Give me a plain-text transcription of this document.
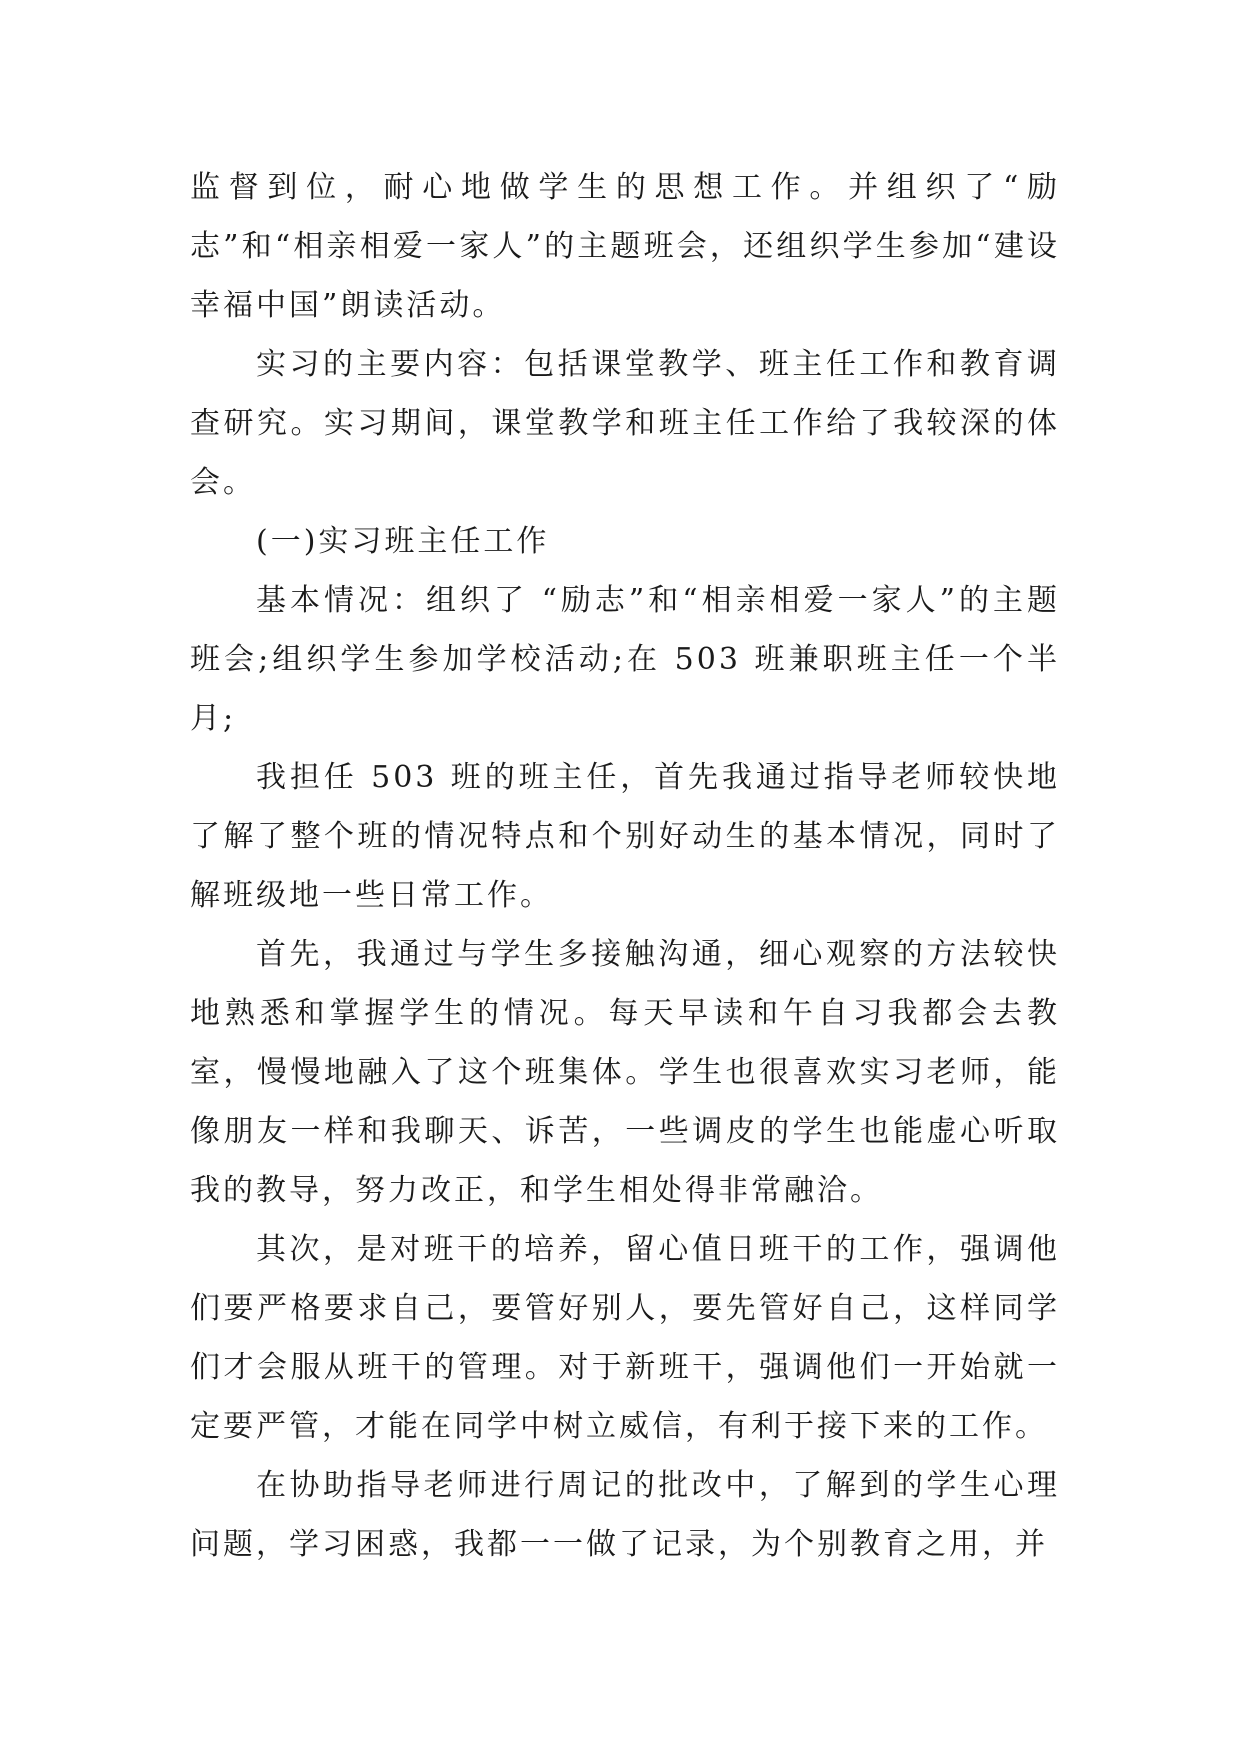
监督到位，耐心地做学生的思想工作。并组织了“励志”和“相亲相爱一家人”的主题班会，还组织学生参加“建设幸福中国”朗读活动。

实习的主要内容：包括课堂教学、班主任工作和教育调查研究。实习期间，课堂教学和班主任工作给了我较深的体会。

(一)实习班主任工作

基本情况：组织了 “励志”和“相亲相爱一家人”的主题班会;组织学生参加学校活动;在 503 班兼职班主任一个半月;

我担任 503 班的班主任，首先我通过指导老师较快地了解了整个班的情况特点和个别好动生的基本情况，同时了解班级地一些日常工作。

首先，我通过与学生多接触沟通，细心观察的方法较快地熟悉和掌握学生的情况。每天早读和午自习我都会去教室，慢慢地融入了这个班集体。学生也很喜欢实习老师，能像朋友一样和我聊天、诉苦，一些调皮的学生也能虚心听取我的教导，努力改正，和学生相处得非常融洽。

其次，是对班干的培养，留心值日班干的工作，强调他们要严格要求自己，要管好别人，要先管好自己，这样同学们才会服从班干的管理。对于新班干，强调他们一开始就一定要严管，才能在同学中树立威信，有利于接下来的工作。

在协助指导老师进行周记的批改中，了解到的学生心理问题，学习困惑，我都一一做了记录，为个别教育之用，并
